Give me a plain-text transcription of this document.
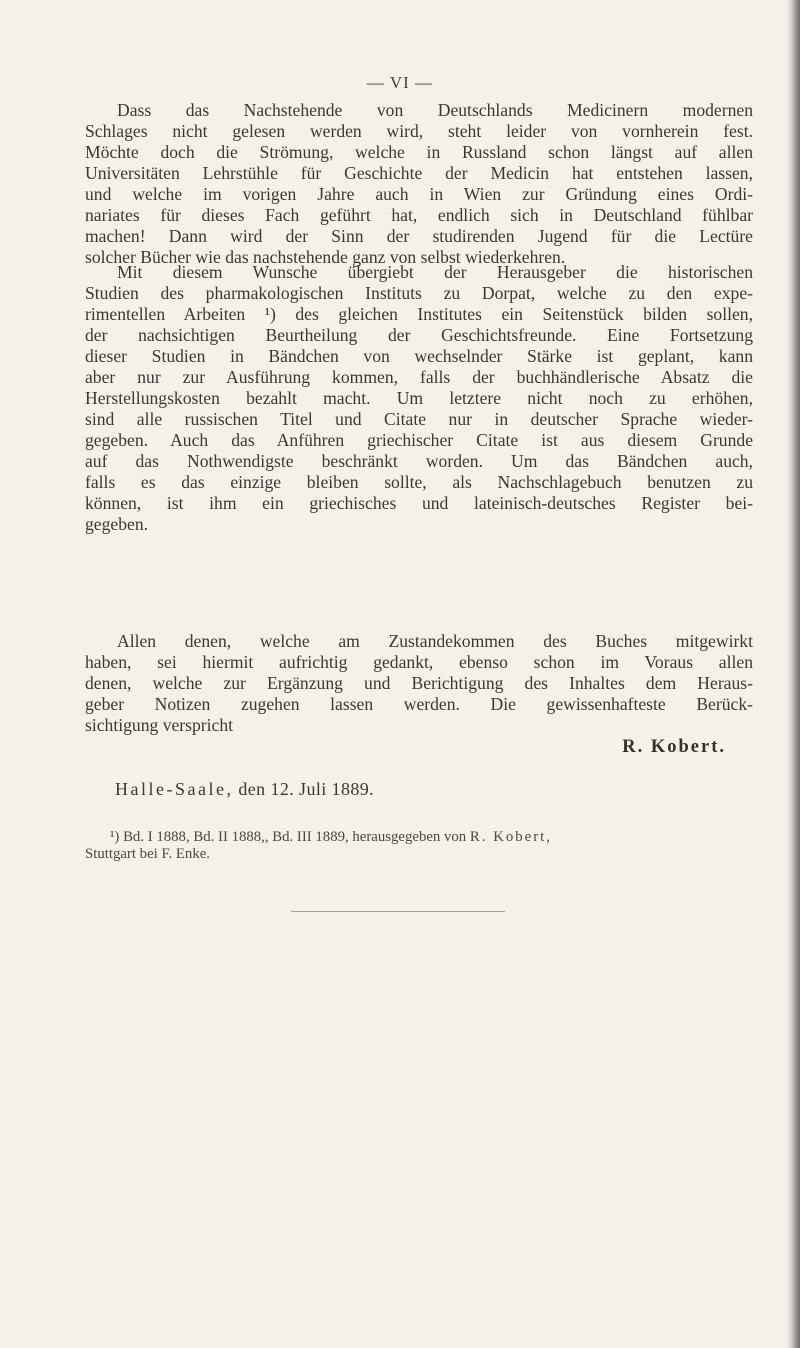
— VI —
Dass das Nachstehende von Deutschlands Medicinern modernen
Schlages nicht gelesen werden wird, steht leider von vornherein fest.
Möchte doch die Strömung, welche in Russland schon längst auf allen
Universitäten Lehrstühle für Geschichte der Medicin hat entstehen lassen,
und welche im vorigen Jahre auch in Wien zur Gründung eines Ordi-
nariates für dieses Fach geführt hat, endlich sich in Deutschland fühlbar
machen! Dann wird der Sinn der studirenden Jugend für die Lectüre
solcher Bücher wie das nachstehende ganz von selbst wiederkehren.
Mit diesem Wunsche übergiebt der Herausgeber die historischen
Studien des pharmakologischen Instituts zu Dorpat, welche zu den expe-
rimentellen Arbeiten ¹) des gleichen Institutes ein Seitenstück bilden sollen,
der nachsichtigen Beurtheilung der Geschichtsfreunde. Eine Fortsetzung
dieser Studien in Bändchen von wechselnder Stärke ist geplant, kann
aber nur zur Ausführung kommen, falls der buchhändlerische Absatz die
Herstellungskosten bezahlt macht. Um letztere nicht noch zu erhöhen,
sind alle russischen Titel und Citate nur in deutscher Sprache wieder-
gegeben. Auch das Anführen griechischer Citate ist aus diesem Grunde
auf das Nothwendigste beschränkt worden. Um das Bändchen auch,
falls es das einzige bleiben sollte, als Nachschlagebuch benutzen zu
können, ist ihm ein griechisches und lateinisch-deutsches Register bei-
gegeben.
Allen denen, welche am Zustandekommen des Buches mitgewirkt
haben, sei hiermit aufrichtig gedankt, ebenso schon im Voraus allen
denen, welche zur Ergänzung und Berichtigung des Inhaltes dem Heraus-
geber Notizen zugehen lassen werden. Die gewissenhafteste Berück-
sichtigung verspricht
R. Kobert.
Halle-Saale, den 12. Juli 1889.
¹) Bd. I 1888, Bd. II 1888,, Bd. III 1889, herausgegeben von R. Kobert,
Stuttgart bei F. Enke.
